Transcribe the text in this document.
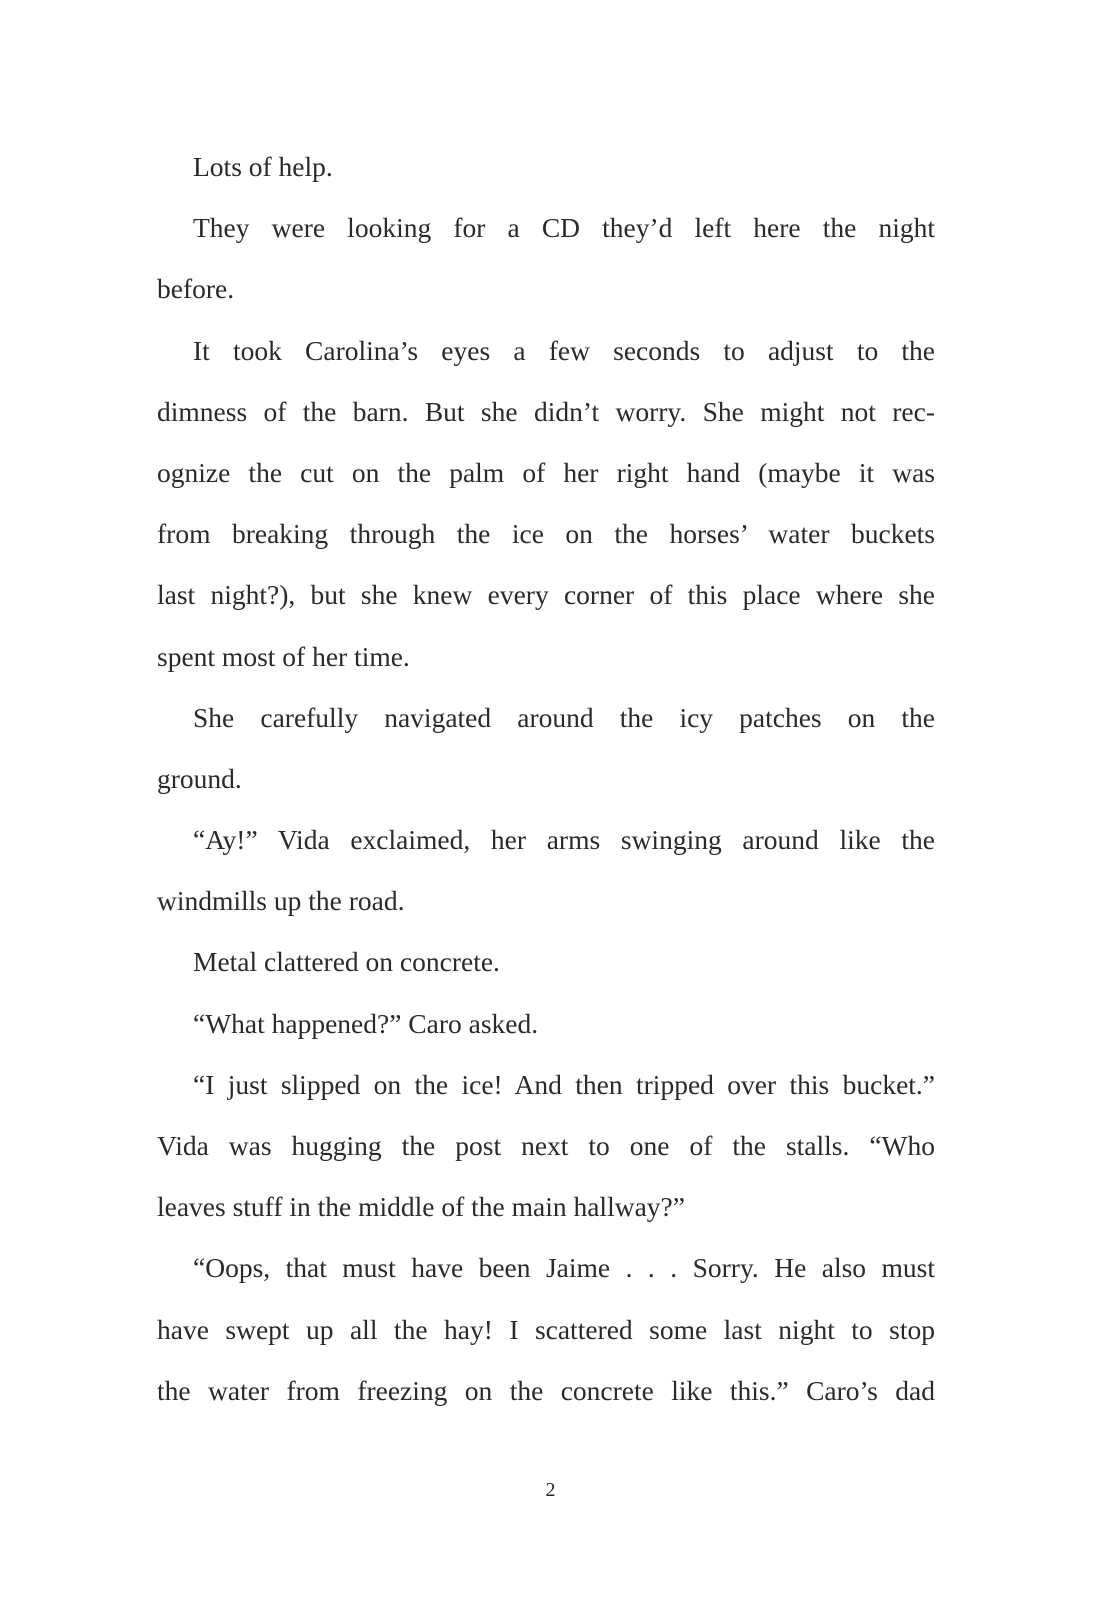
Lots of help.
They were looking for a CD they’d left here the night
before.
It took Carolina’s eyes a few seconds to adjust to the
dimness of the barn. But she didn’t worry. She might not rec-
ognize the cut on the palm of her right hand (maybe it was
from breaking through the ice on the horses’ water buckets
last night?), but she knew every corner of this place where she
spent most of her time.
She carefully navigated around the icy patches on the
ground.
“Ay!” Vida exclaimed, her arms swinging around like the
windmills up the road.
Metal clattered on concrete.
“What happened?” Caro asked.
“I just slipped on the ice! And then tripped over this bucket.”
Vida was hugging the post next to one of the stalls. “Who
leaves stuff in the middle of the main hallway?”
“Oops, that must have been Jaime . . . Sorry. He also must
have swept up all the hay! I scattered some last night to stop
the water from freezing on the concrete like this.” Caro’s dad
2
